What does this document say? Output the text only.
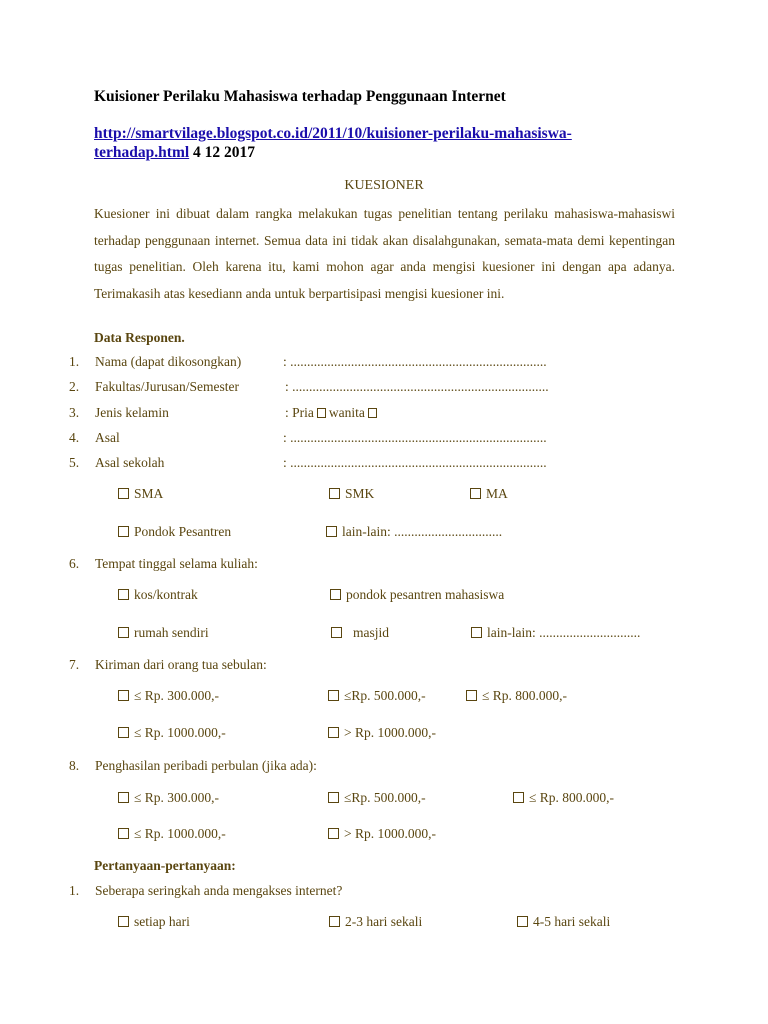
Kuisioner Perilaku Mahasiswa terhadap Penggunaan Internet
http://smartvilage.blogspot.co.id/2011/10/kuisioner-perilaku-mahasiswa-
terhadap.html 4 12 2017
KUESIONER

Kuesioner ini dibuat dalam rangka melakukan tugas penelitian tentang perilaku mahasiswa-mahasiswi terhadap penggunaan internet. Semua data ini tidak akan disalahgunakan, semata-mata demi kepentingan tugas penelitian. Oleh karena itu, kami mohon agar anda mengisi kuesioner ini dengan apa adanya. Terimakasih atas kesediann anda untuk berpartisipasi mengisi kuesioner ini.

Data Responen.
1. Nama (dapat dikosongkan)	: ............................................................................
2. Fakultas/Jurusan/Semester	: ............................................................................
3. Jenis kelamin	: Pria wanita
4. Asal	: ............................................................................
5. Asal sekolah	: ............................................................................
SMA	SMK	MA
Pondok Pesantren	lain-lain: ................................
6. Tempat tinggal selama kuliah:
kos/kontrak	pondok pesantren mahasiswa
rumah sendiri	masjid	lain-lain: ..............................
7. Kiriman dari orang tua sebulan:
≤ Rp. 300.000,-	≤Rp. 500.000,-	≤ Rp. 800.000,-
≤ Rp. 1000.000,-	> Rp. 1000.000,-
8. Penghasilan peribadi perbulan (jika ada):
≤ Rp. 300.000,-	≤Rp. 500.000,-	≤ Rp. 800.000,-
≤ Rp. 1000.000,-	> Rp. 1000.000,-
Pertanyaan-pertanyaan:
1. Seberapa seringkah anda mengakses internet?
setiap hari	2-3 hari sekali	4-5 hari sekali
